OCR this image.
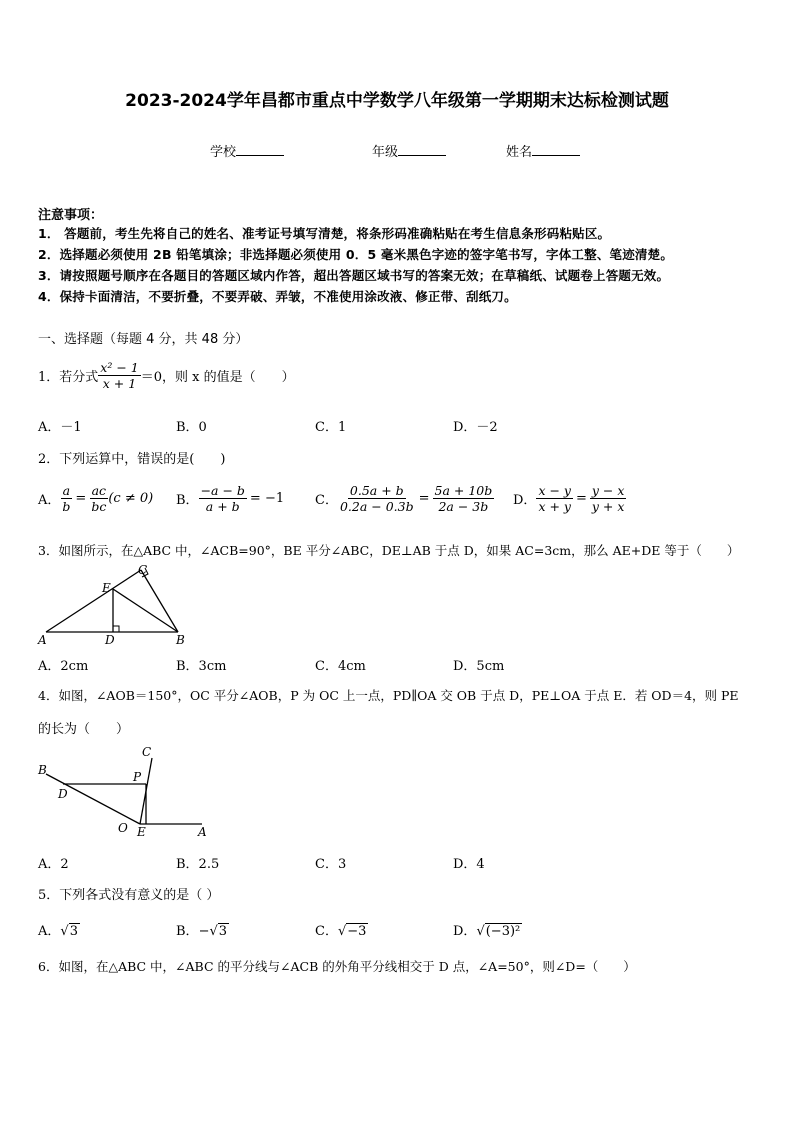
2023-2024学年昌都市重点中学数学八年级第一学期期末达标检测试题
学校	年级	姓名
注意事项：
1． 答题前，考生先将自己的姓名、准考证号填写清楚，将条形码准确粘贴在考生信息条形码粘贴区。
2．选择题必须使用 2B 铅笔填涂；非选择题必须使用 0．5 毫米黑色字迹的签字笔书写，字体工整、笔迹清楚。
3．请按照题号顺序在各题目的答题区域内作答，超出答题区域书写的答案无效；在草稿纸、试题卷上答题无效。
4．保持卡面清洁，不要折叠，不要弄破、弄皱，不准使用涂改液、修正带、刮纸刀。
一、选择题（每题 4 分，共 48 分）
1．若分式 $\frac{\text{x² − 1}}{x + 1} =0$，则 x 的值是（　　）
A．－1	B．0	C．1	D．－2
2．下列运算中，错误的是(　　)
A． $\frac{a}{b} = \frac{ac}{bc} (c \ne 0)$ B． $\frac{-a - b}{a + b} = -1$ C． $\frac{0.5a + b}{0.2a - 0.3b} = \frac{5a + 10b}{2a - 3b}$ D． $\frac{x - y}{x + y} = \frac{y - x}{y + x}$
3．如图所示，在△ABC 中，∠ACB=90°，BE 平分∠ABC，DE⊥AB 于点 D，如果 AC=3cm，那么 AE+DE 等于（　　）
A	B
C
D
E
A．2cm	B．3cm	C．4cm	D．5cm
4．如图，∠AOB＝150°，OC 平分∠AOB，P 为 OC 上一点，PD∥OA 交 OB 于点 D，PE⊥OA 于点 E．若 OD＝4，则 PE
的长为（　　）
B
D
C
P
O E	A
A．2	B．2.5	C．3	D．4
5．下列各式没有意义的是（ ）
A．√3	B．−√3	C．√−3	D．√(−3)²
6．如图，在△ABC 中，∠ABC 的平分线与∠ACB 的外角平分线相交于 D 点，∠A=50°，则∠D=（　　）
